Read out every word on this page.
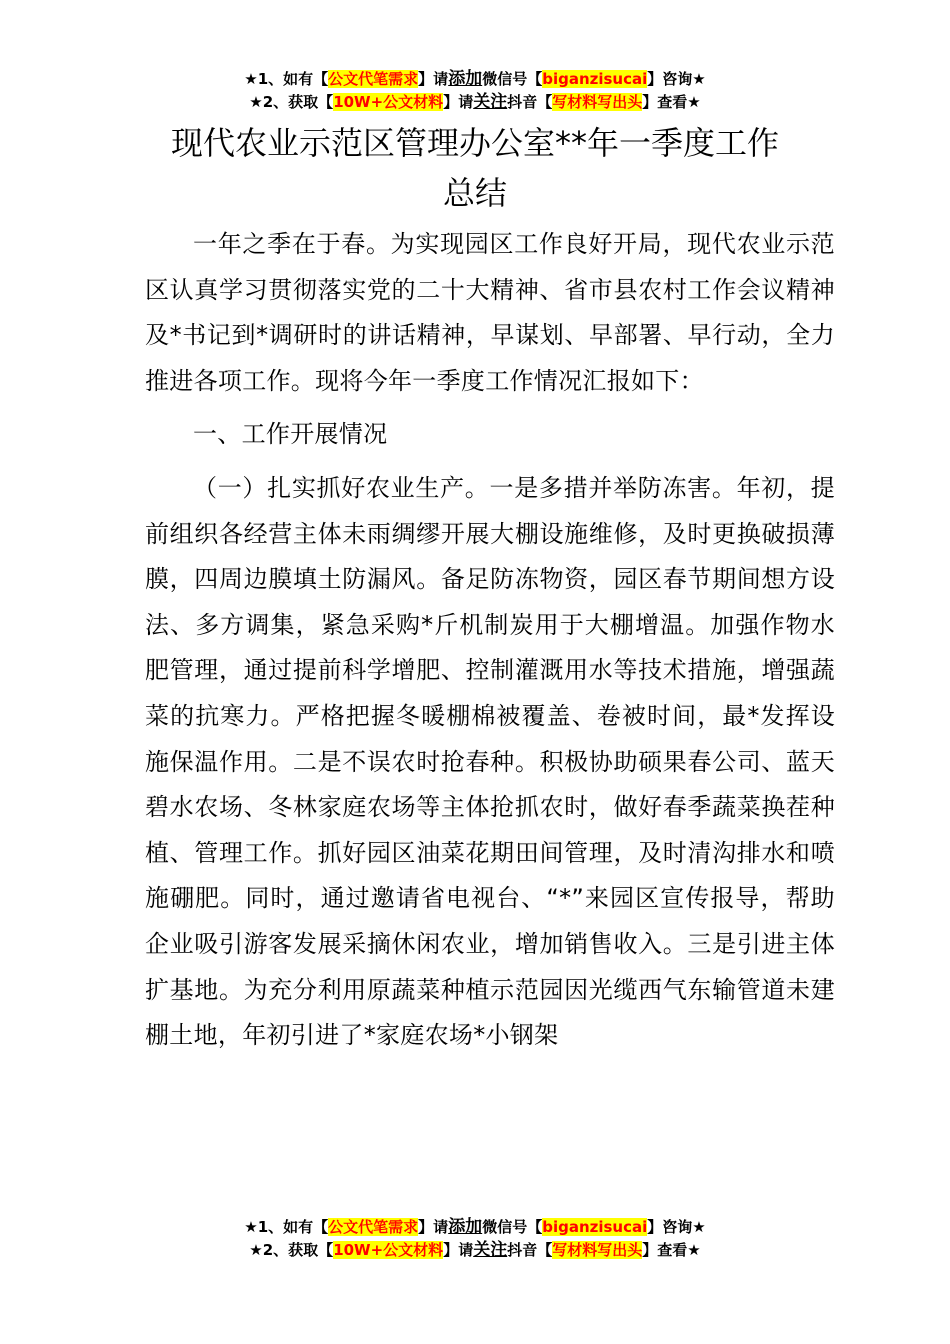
★1、如有【公文代笔需求】请添加微信号【biganzisucai】咨询★
★2、获取【10W+公文材料】请关注抖音【写材料写出头】查看★
现代农业示范区管理办公室**年一季度工作
总结

一年之季在于春。为实现园区工作良好开局，现代农业示范区认真学习贯彻落实党的二十大精神、省市县农村工作会议精神及*书记到*调研时的讲话精神，早谋划、早部署、早行动，全力推进各项工作。现将今年一季度工作情况汇报如下：

一、工作开展情况

（一）扎实抓好农业生产。一是多措并举防冻害。年初，提前组织各经营主体未雨绸缪开展大棚设施维修，及时更换破损薄膜，四周边膜填土防漏风。备足防冻物资，园区春节期间想方设法、多方调集，紧急采购*斤机制炭用于大棚增温。加强作物水肥管理，通过提前科学增肥、控制灌溉用水等技术措施，增强蔬菜的抗寒力。严格把握冬暖棚棉被覆盖、卷被时间，最*发挥设施保温作用。二是不误农时抢春种。积极协助硕果春公司、蓝天碧水农场、冬林家庭农场等主体抢抓农时，做好春季蔬菜换茬种植、管理工作。抓好园区油菜花期田间管理，及时清沟排水和喷施硼肥。同时，通过邀请省电视台、“*”来园区宣传报导，帮助企业吸引游客发展采摘休闲农业，增加销售收入。三是引进主体扩基地。为充分利用原蔬菜种植示范园因光缆西气东输管道未建棚土地，年初引进了*家庭农场*小钢架

★1、如有【公文代笔需求】请添加微信号【biganzisucai】咨询★
★2、获取【10W+公文材料】请关注抖音【写材料写出头】查看★
